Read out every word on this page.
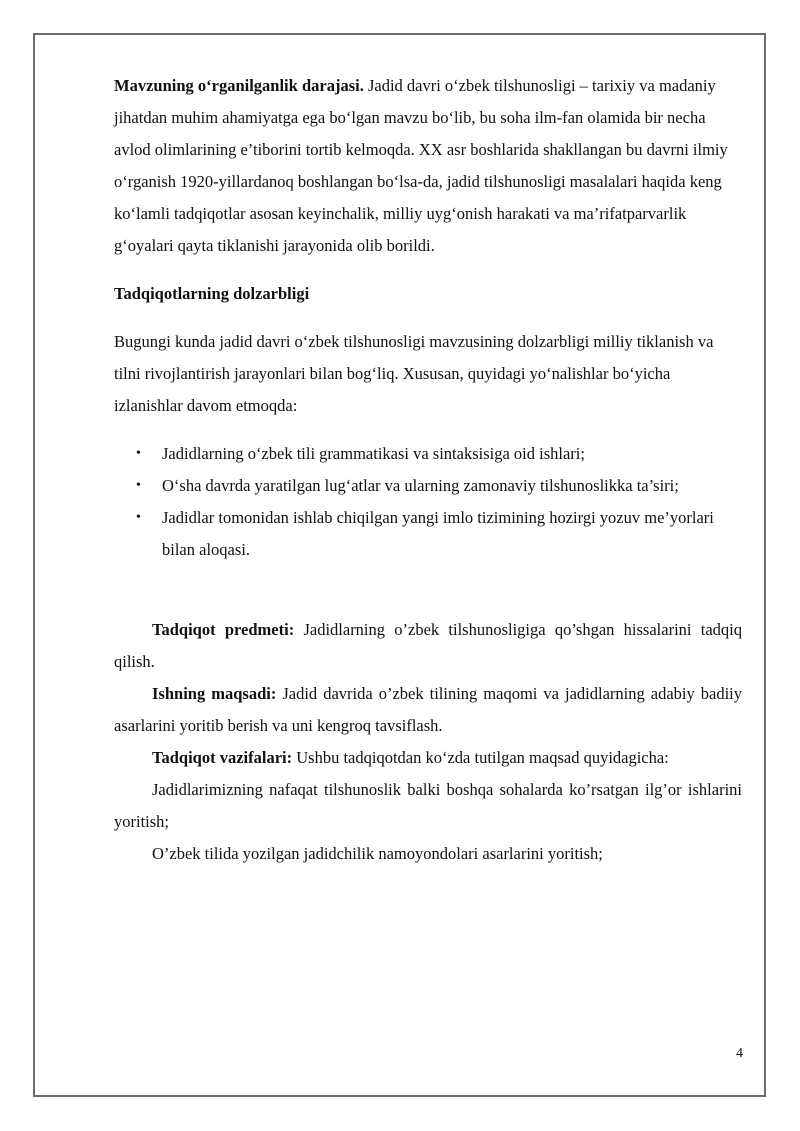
Mavzuning o‘rganilganlik darajasi. Jadid davri o‘zbek tilshunosligi – tarixiy va madaniy jihatdan muhim ahamiyatga ega bo‘lgan mavzu bo‘lib, bu soha ilm-fan olamida bir necha avlod olimlarining e’tiborini tortib kelmoqda. XX asr boshlarida shakllangan bu davrni ilmiy o‘rganish 1920-yillardanoq boshlangan bo‘lsa-da, jadid tilshunosligi masalalari haqida keng ko‘lamli tadqiqotlar asosan keyinchalik, milliy uyg‘onish harakati va ma’rifatparvarlik g‘oyalari qayta tiklanishi jarayonida olib borildi.

Tadqiqotlarning dolzarbligi

Bugungi kunda jadid davri o‘zbek tilshunosligi mavzusining dolzarbligi milliy tiklanish va tilni rivojlantirish jarayonlari bilan bog‘liq. Xususan, quyidagi yo‘nalishlar bo‘yicha izlanishlar davom etmoqda:

• Jadidlarning o‘zbek tili grammatikasi va sintaksisiga oid ishlari;
• O‘sha davrda yaratilgan lug‘atlar va ularning zamonaviy tilshunoslikka ta’siri;
• Jadidlar tomonidan ishlab chiqilgan yangi imlo tizimining hozirgi yozuv me’yorlari bilan aloqasi.

Tadqiqot predmeti: Jadidlarning o’zbek tilshunosligiga qo’shgan hissalarini tadqiq qilish.

Ishning maqsadi: Jadid davrida o’zbek tilining maqomi va jadidlarning adabiy badiiy asarlarini yoritib berish va uni kengroq tavsiflash.

Tadqiqot vazifalari: Ushbu tadqiqotdan ko‘zda tutilgan maqsad quyidagicha:

Jadidlarimizning nafaqat tilshunoslik balki boshqa sohalarda ko’rsatgan ilg’or ishlarini yoritish;

O’zbek tilida yozilgan jadidchilik namoyondolari asarlarini yoritish;

4
